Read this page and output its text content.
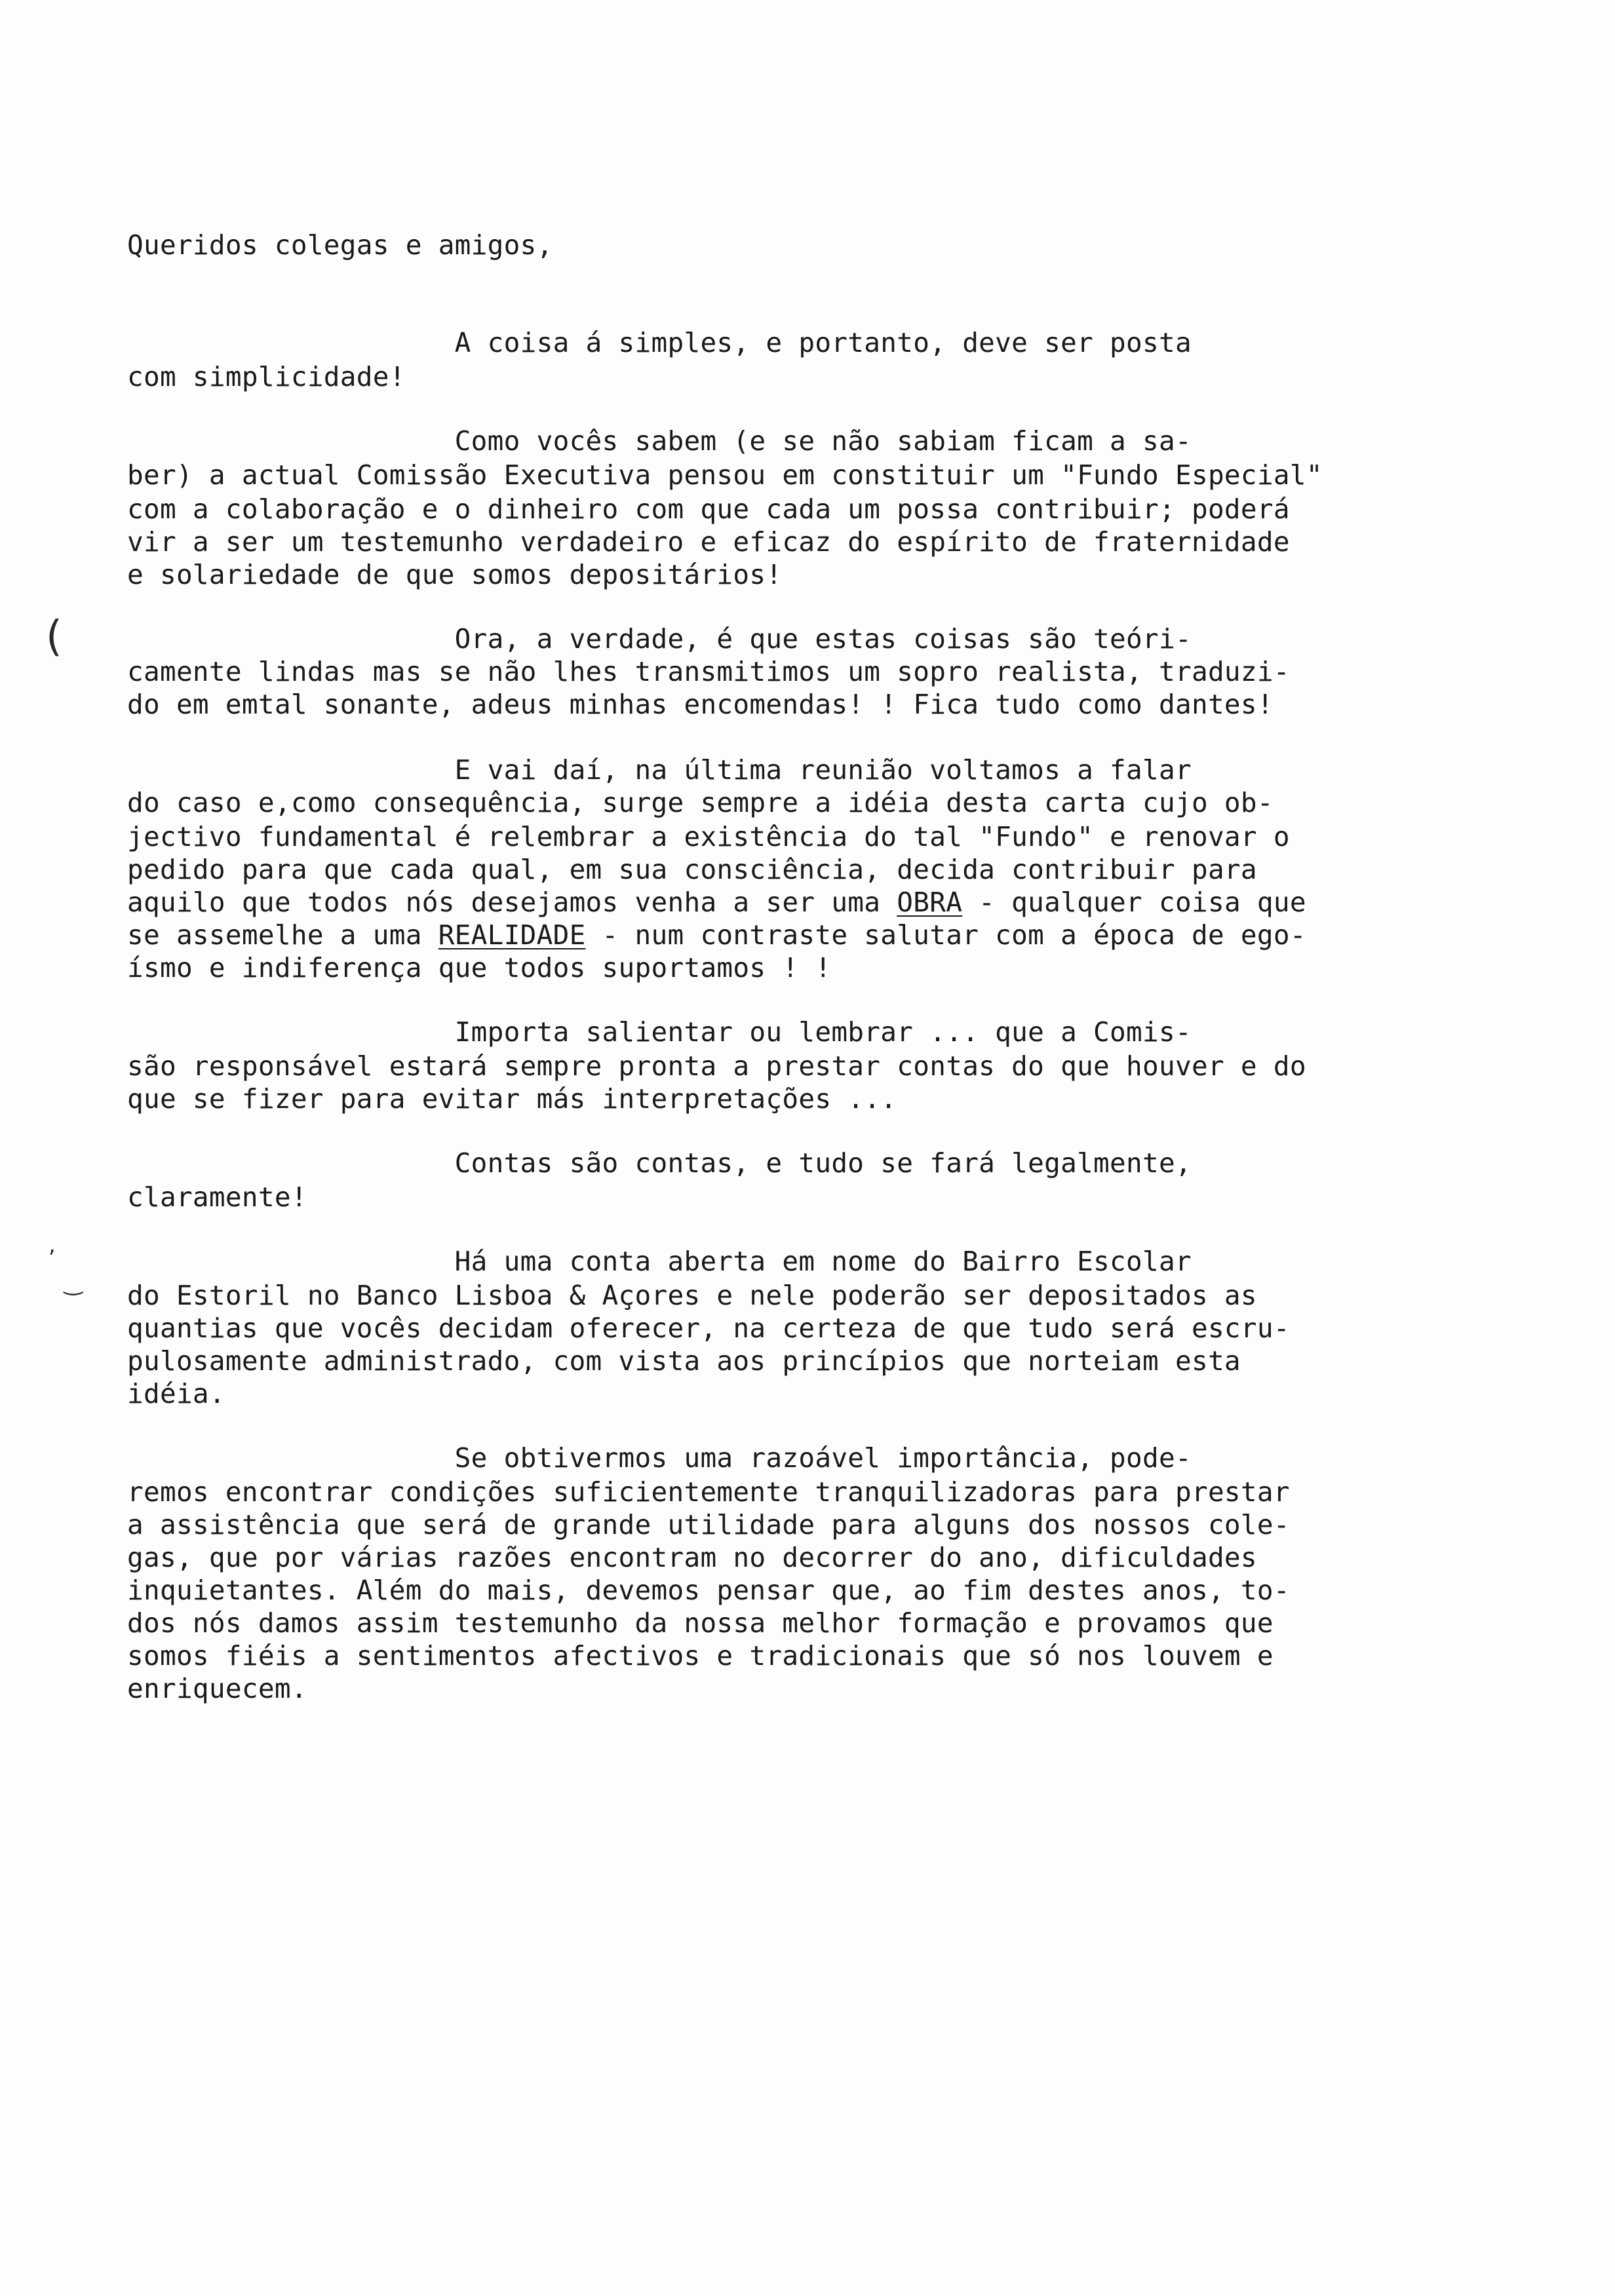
(
,
‿

Queridos colegas e amigos,

A coisa á simples, e portanto, deve ser posta

com simplicidade!

Como vocês sabem (e se não sabiam ficam a sa-

ber) a actual Comissão Executiva pensou em constituir um "Fundo Especial"

com a colaboração e o dinheiro com que cada um possa contribuir; poderá

vir a ser um testemunho verdadeiro e eficaz do espírito de fraternidade

e solariedade de que somos depositários!

Ora, a verdade, é que estas coisas são teóri-

camente lindas mas se não lhes transmitimos um sopro realista, traduzi-

do em emtal sonante, adeus minhas encomendas! ! Fica tudo como dantes!

E vai daí, na última reunião voltamos a falar

do caso e,como consequência, surge sempre a idéia desta carta cujo ob-

jectivo fundamental é relembrar a existência do tal "Fundo" e renovar o

pedido para que cada qual, em sua consciência, decida contribuir para

aquilo que todos nós desejamos venha a ser uma OBRA - qualquer coisa que

se assemelhe a uma REALIDADE - num contraste salutar com a época de ego-

ísmo e indiferença que todos suportamos ! !

Importa salientar ou lembrar ... que a Comis-

são responsável estará sempre pronta a prestar contas do que houver e do

que se fizer para evitar más interpretações ...

Contas são contas, e tudo se fará legalmente,

claramente!

Há uma conta aberta em nome do Bairro Escolar

do Estoril no Banco Lisboa & Açores e nele poderão ser depositados as

quantias que vocês decidam oferecer, na certeza de que tudo será escru-

pulosamente administrado, com vista aos princípios que norteiam esta

idéia.

Se obtivermos uma razoável importância, pode-

remos encontrar condições suficientemente tranquilizadoras para prestar

a assistência que será de grande utilidade para alguns dos nossos cole-

gas, que por várias razões encontram no decorrer do ano, dificuldades

inquietantes. Além do mais, devemos pensar que, ao fim destes anos, to-

dos nós damos assim testemunho da nossa melhor formação e provamos que

somos fiéis a sentimentos afectivos e tradicionais que só nos louvem e

enriquecem.
